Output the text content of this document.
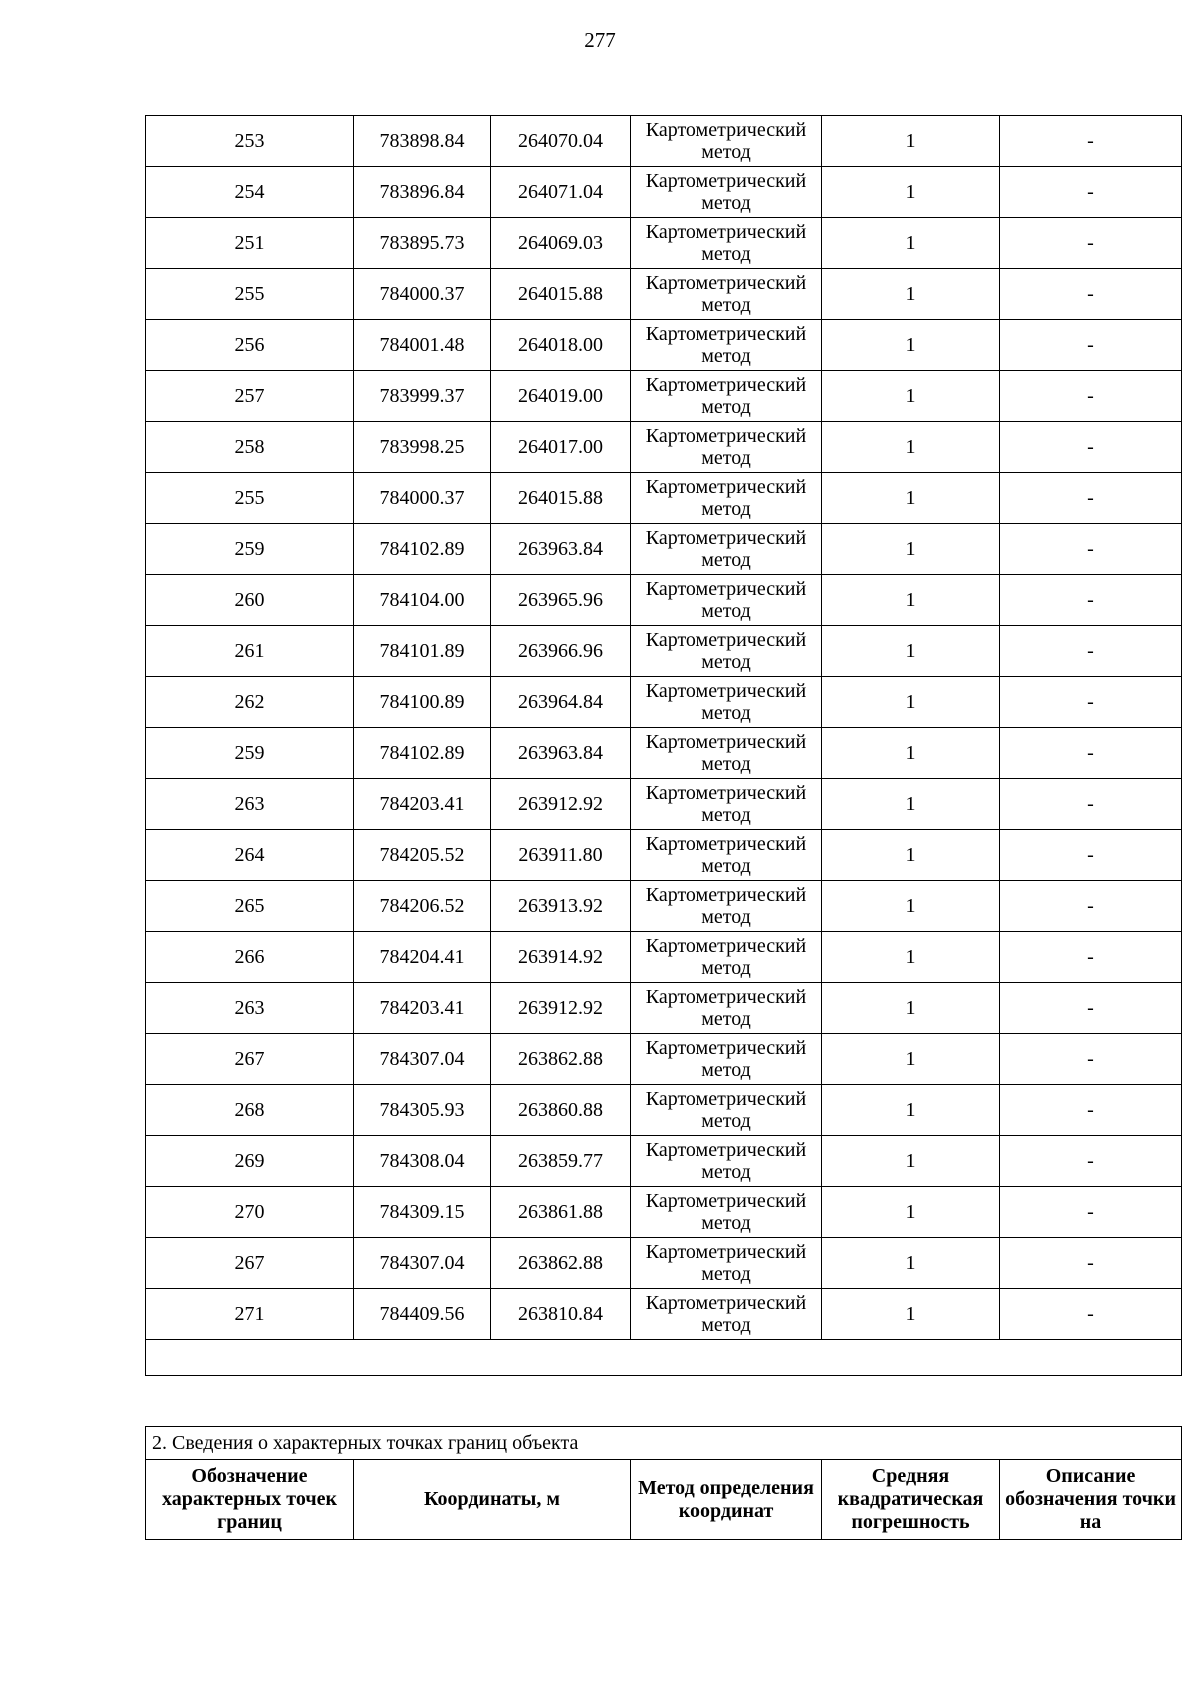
277
253	783898.84	264070.04	Картометрический метод	1	-
254	783896.84	264071.04	Картометрический метод	1	-
251	783895.73	264069.03	Картометрический метод	1	-
255	784000.37	264015.88	Картометрический метод	1	-
256	784001.48	264018.00	Картометрический метод	1	-
257	783999.37	264019.00	Картометрический метод	1	-
258	783998.25	264017.00	Картометрический метод	1	-
255	784000.37	264015.88	Картометрический метод	1	-
259	784102.89	263963.84	Картометрический метод	1	-
260	784104.00	263965.96	Картометрический метод	1	-
261	784101.89	263966.96	Картометрический метод	1	-
262	784100.89	263964.84	Картометрический метод	1	-
259	784102.89	263963.84	Картометрический метод	1	-
263	784203.41	263912.92	Картометрический метод	1	-
264	784205.52	263911.80	Картометрический метод	1	-
265	784206.52	263913.92	Картометрический метод	1	-
266	784204.41	263914.92	Картометрический метод	1	-
263	784203.41	263912.92	Картометрический метод	1	-
267	784307.04	263862.88	Картометрический метод	1	-
268	784305.93	263860.88	Картометрический метод	1	-
269	784308.04	263859.77	Картометрический метод	1	-
270	784309.15	263861.88	Картометрический метод	1	-
267	784307.04	263862.88	Картометрический метод	1	-
271	784409.56	263810.84	Картометрический метод	1	-

2. Сведения о характерных точках границ объекта
Обозначение характерных точек границ	Координаты, м	Метод определения координат	Средняя квадратическая погрешность	Описание обозначения точки на
